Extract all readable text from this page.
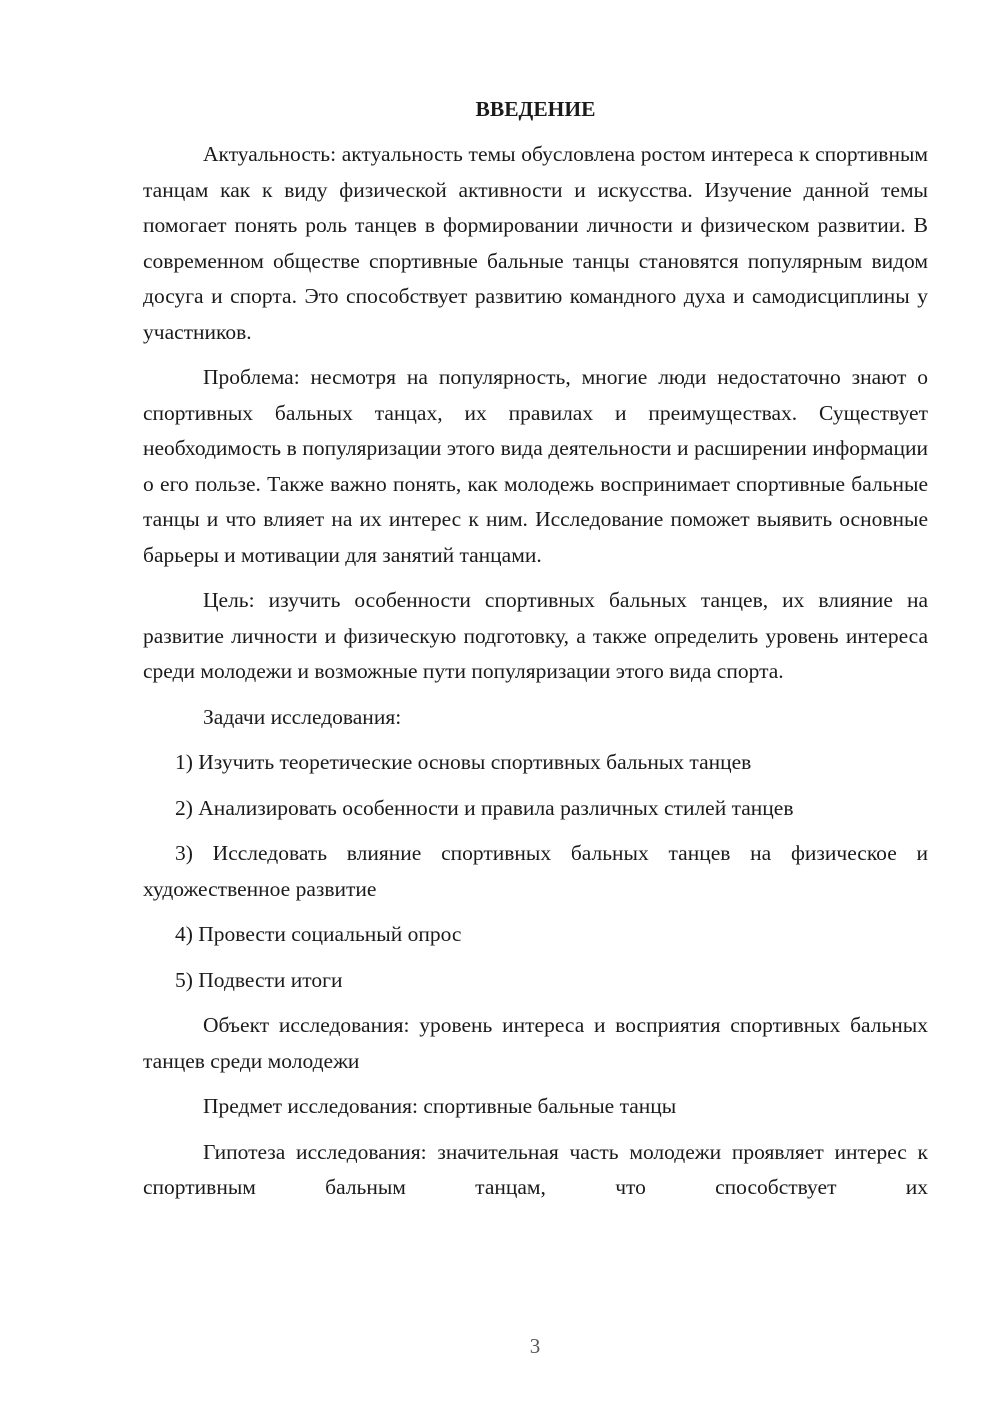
ВВЕДЕНИЕ
Актуальность: актуальность темы обусловлена ростом интереса к спортивным танцам как к виду физической активности и искусства. Изучение данной темы помогает понять роль танцев в формировании личности и физическом развитии. В современном обществе спортивные бальные танцы становятся популярным видом досуга и спорта. Это способствует развитию командного духа и самодисциплины у участников.
Проблема: несмотря на популярность, многие люди недостаточно знают о спортивных бальных танцах, их правилах и преимуществах. Существует необходимость в популяризации этого вида деятельности и расширении информации о его пользе. Также важно понять, как молодежь воспринимает спортивные бальные танцы и что влияет на их интерес к ним. Исследование поможет выявить основные барьеры и мотивации для занятий танцами.
Цель: изучить особенности спортивных бальных танцев, их влияние на развитие личности и физическую подготовку, а также определить уровень интереса среди молодежи и возможные пути популяризации этого вида спорта.
Задачи исследования:
1) Изучить теоретические основы спортивных бальных танцев
2) Анализировать особенности и правила различных стилей танцев
3) Исследовать влияние спортивных бальных танцев на физическое и художественное развитие
4) Провести социальный опрос
5) Подвести итоги
Объект исследования: уровень интереса и восприятия спортивных бальных танцев среди молодежи
Предмет исследования: спортивные бальные танцы
Гипотеза исследования: значительная часть молодежи проявляет интерес к спортивным бальным танцам, что способствует их
3
